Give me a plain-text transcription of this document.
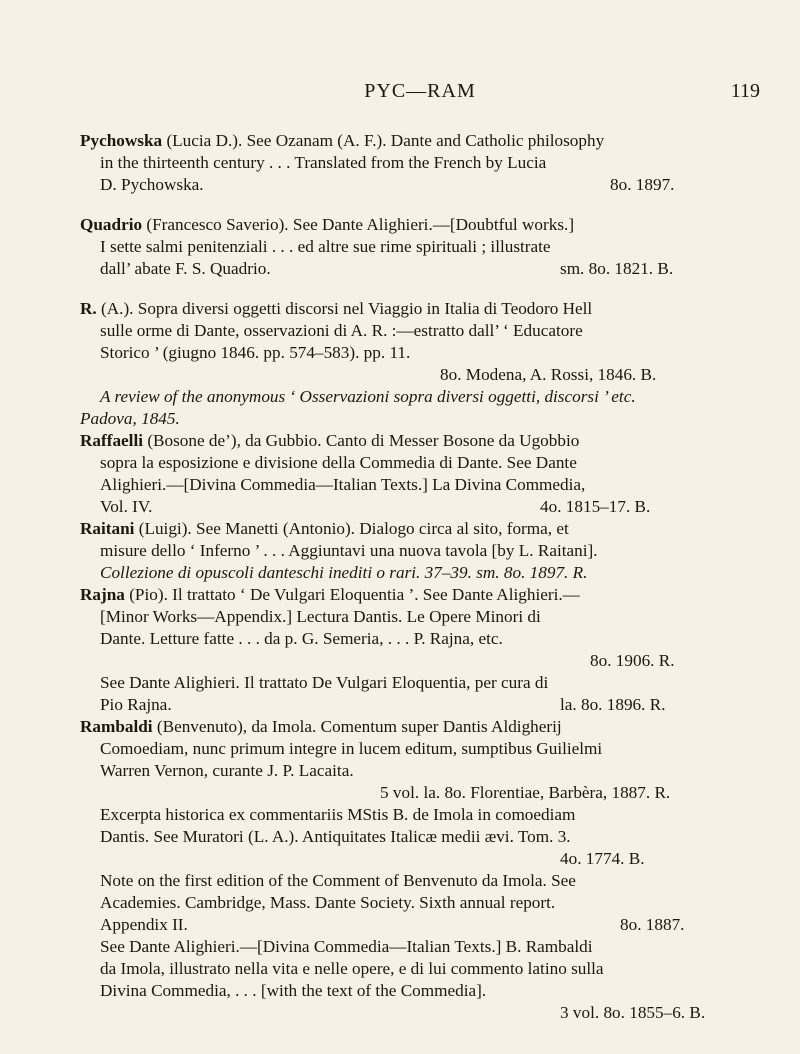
PYC—RAM	119
Pychowska (Lucia D.). See Ozanam (A. F.). Dante and Catholic philosophy
in the thirteenth century . . . Translated from the French by Lucia
D. Pychowska.	8o. 1897.
Quadrio (Francesco Saverio). See Dante Alighieri.—[Doubtful works.]
I sette salmi penitenziali . . . ed altre sue rime spirituali ; illustrate
dall’ abate F. S. Quadrio.	sm. 8o. 1821. B.
R. (A.). Sopra diversi oggetti discorsi nel Viaggio in Italia di Teodoro Hell
sulle orme di Dante, osservazioni di A. R. :—estratto dall’ ‘ Educatore
Storico ’ (giugno 1846. pp. 574–583). pp. 11.
8o. Modena, A. Rossi, 1846. B.
A review of the anonymous ‘ Osservazioni sopra diversi oggetti, discorsi ’ etc.
Padova, 1845.
Raffaelli (Bosone de’), da Gubbio. Canto di Messer Bosone da Ugobbio
sopra la esposizione e divisione della Commedia di Dante. See Dante
Alighieri.—[Divina Commedia—Italian Texts.] La Divina Commedia,
Vol. IV.	4o. 1815–17. B.
Raitani (Luigi). See Manetti (Antonio). Dialogo circa al sito, forma, et
misure dello ‘ Inferno ’ . . . Aggiuntavi una nuova tavola [by L. Raitani].
Collezione di opuscoli danteschi inediti o rari. 37–39. sm. 8o. 1897. R.
Rajna (Pio). Il trattato ‘ De Vulgari Eloquentia ’. See Dante Alighieri.—
[Minor Works—Appendix.] Lectura Dantis. Le Opere Minori di
Dante. Letture fatte . . . da p. G. Semeria, . . . P. Rajna, etc.
8o. 1906. R.
See Dante Alighieri. Il trattato De Vulgari Eloquentia, per cura di
Pio Rajna.	la. 8o. 1896. R.
Rambaldi (Benvenuto), da Imola. Comentum super Dantis Aldigherij
Comoediam, nunc primum integre in lucem editum, sumptibus Guilielmi
Warren Vernon, curante J. P. Lacaita.
5 vol. la. 8o. Florentiae, Barbèra, 1887. R.
Excerpta historica ex commentariis MStis B. de Imola in comoediam
Dantis. See Muratori (L. A.). Antiquitates Italicæ medii ævi. Tom. 3.
4o. 1774. B.
Note on the first edition of the Comment of Benvenuto da Imola. See
Academies. Cambridge, Mass. Dante Society. Sixth annual report.
Appendix II.	8o. 1887.
See Dante Alighieri.—[Divina Commedia—Italian Texts.] B. Rambaldi
da Imola, illustrato nella vita e nelle opere, e di lui commento latino sulla
Divina Commedia, . . . [with the text of the Commedia].
3 vol. 8o. 1855–6. B.
